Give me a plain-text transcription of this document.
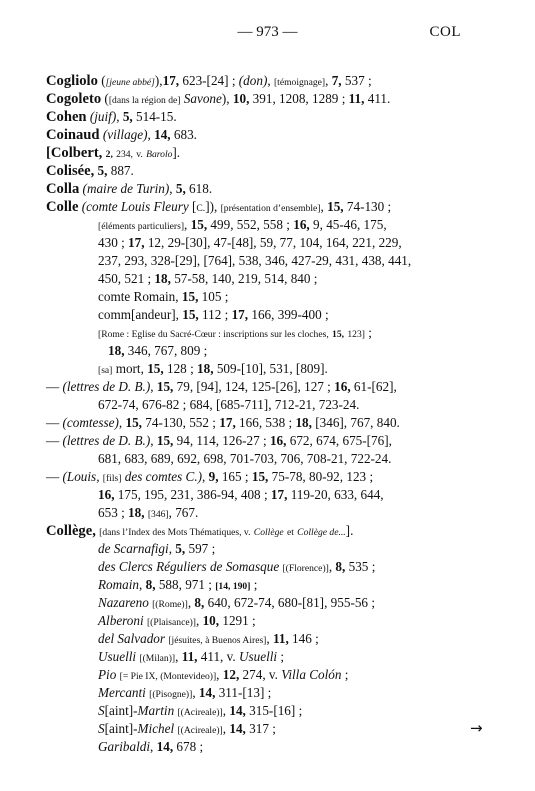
— 973 —	COL
Cogliolo ([jeune abbé]),17, 623-[24] ; (don), [témoignage], 7, 537 ;
Cogoleto ([dans la région de] Savone), 10, 391, 1208, 1289 ; 11, 411.
Cohen (juif), 5, 514-15.
Coinaud (village), 14, 683.
[Colbert, 2, 234, v. Barolo].
Colisée, 5, 887.
Colla (maire de Turin), 5, 618.
Colle (comte Louis Fleury [C.]), [présentation d’ensemble], 15, 74-130 ;
[éléments particuliers], 15, 499, 552, 558 ; 16, 9, 45-46, 175,
430 ; 17, 12, 29-[30], 47-[48], 59, 77, 104, 164, 221, 229,
237, 293, 328-[29], [764], 538, 346, 427-29, 431, 438, 441,
450, 521 ; 18, 57-58, 140, 219, 514, 840 ;
comte Romain, 15, 105 ;
comm[andeur], 15, 112 ; 17, 166, 399-400 ;
[Rome : Eglise du Sacré-Cœur : inscriptions sur les cloches, 15, 123] ;
18, 346, 767, 809 ;
[sa] mort, 15, 128 ; 18, 509-[10], 531, [809].
— (lettres de D. B.), 15, 79, [94], 124, 125-[26], 127 ; 16, 61-[62],
672-74, 676-82 ; 684, [685-711], 712-21, 723-24.
— (comtesse), 15, 74-130, 552 ; 17, 166, 538 ; 18, [346], 767, 840.
— (lettres de D. B.), 15, 94, 114, 126-27 ; 16, 672, 674, 675-[76],
681, 683, 689, 692, 698, 701-703, 706, 708-21, 722-24.
— (Louis, [fils] des comtes C.), 9, 165 ; 15, 75-78, 80-92, 123 ;
16, 175, 195, 231, 386-94, 408 ; 17, 119-20, 633, 644,
653 ; 18, [346], 767.
Collège, [dans l’Index des Mots Thématiques, v. Collège et Collège de...].
de Scarnafigi, 5, 597 ;
des Clercs Réguliers de Somasque [(Florence)], 8, 535 ;
Romain, 8, 588, 971 ; [14, 190] ;
Nazareno [(Rome)], 8, 640, 672-74, 680-[81], 955-56 ;
Alberoni [(Plaisance)], 10, 1291 ;
del Salvador [jésuites, à Buenos Aires], 11, 146 ;
Usuelli [(Milan)], 11, 411, v. Usuelli ;
Pio [= Pie IX, (Montevideo)], 12, 274, v. Villa Colón ;
Mercanti [(Pisogne)], 14, 311-[13] ;
S[aint]-Martin [(Acireale)], 14, 315-[16] ;
S[aint]-Michel [(Acireale)], 14, 317 ;
Garibaldi, 14, 678 ;
→
